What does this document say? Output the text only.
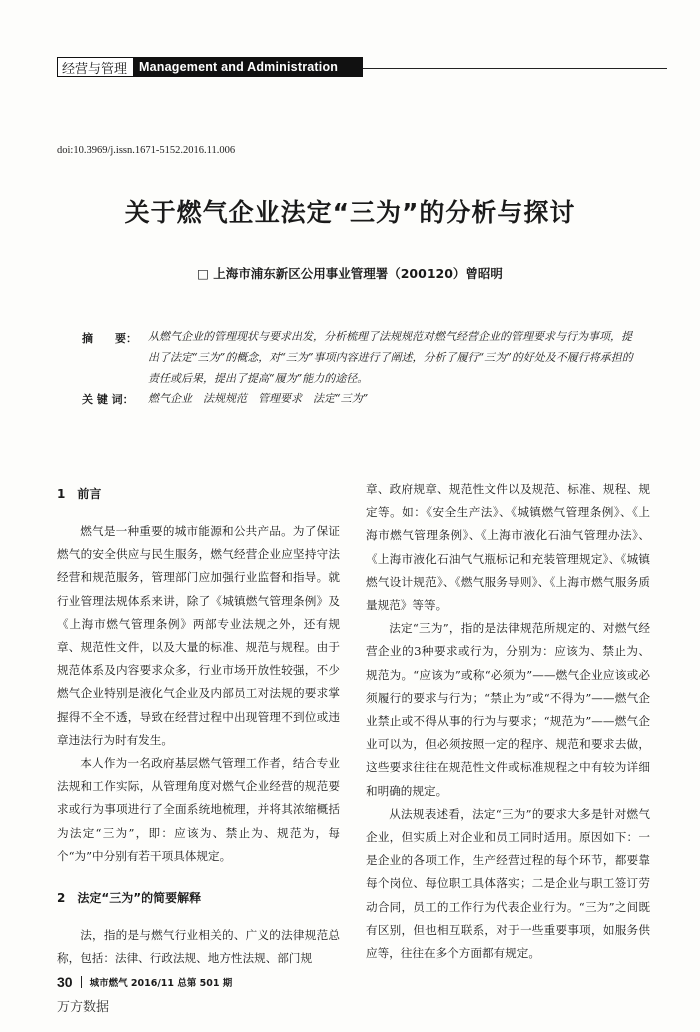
经营与管理 Management and Administration
doi:10.3969/j.issn.1671-5152.2016.11.006
关于燃气企业法定“三为”的分析与探讨
□ 上海市浦东新区公用事业管理署（200120）曾昭明
摘　　要：	从燃气企业的管理现状与要求出发，分析梳理了法规规范对燃气经营企业的管理要求与行为事项，提出了法定“三为”的概念，对“三为”事项内容进行了阐述，分析了履行“三为”的好处及不履行将承担的责任或后果，提出了提高“履为”能力的途径。
关 键 词：	燃气企业　法规规范　管理要求　法定“三为”
1　前言

燃气是一种重要的城市能源和公共产品。为了保证燃气的安全供应与民生服务，燃气经营企业应坚持守法经营和规范服务，管理部门应加强行业监督和指导。就行业管理法规体系来讲，除了《城镇燃气管理条例》及《上海市燃气管理条例》两部专业法规之外，还有规章、规范性文件，以及大量的标准、规范与规程。由于规范体系及内容要求众多，行业市场开放性较强，不少燃气企业特别是液化气企业及内部员工对法规的要求掌握得不全不透，导致在经营过程中出现管理不到位或违章违法行为时有发生。

本人作为一名政府基层燃气管理工作者，结合专业法规和工作实际，从管理角度对燃气企业经营的规范要求或行为事项进行了全面系统地梳理，并将其浓缩概括为法定“三为”，即：应该为、禁止为、规范为，每个“为”中分别有若干项具体规定。

2　法定“三为”的简要解释

法，指的是与燃气行业相关的、广义的法律规范总称，包括：法律、行政法规、地方性法规、部门规

章、政府规章、规范性文件以及规范、标准、规程、规定等。如：《安全生产法》、《城镇燃气管理条例》、《上海市燃气管理条例》、《上海市液化石油气管理办法》、《上海市液化石油气气瓶标记和充装管理规定》、《城镇燃气设计规范》、《燃气服务导则》、《上海市燃气服务质量规范》等等。

法定“三为”，指的是法律规范所规定的、对燃气经营企业的3种要求或行为，分别为：应该为、禁止为、规范为。“应该为”或称“必须为”——燃气企业应该或必须履行的要求与行为；“禁止为”或“不得为”——燃气企业禁止或不得从事的行为与要求；“规范为”——燃气企业可以为，但必须按照一定的程序、规范和要求去做，这些要求往往在规范性文件或标准规程之中有较为详细和明确的规定。

从法规表述看，法定“三为”的要求大多是针对燃气企业，但实质上对企业和员工同时适用。原因如下：一是企业的各项工作，生产经营过程的每个环节，都要靠每个岗位、每位职工具体落实；二是企业与职工签订劳动合同，员工的工作行为代表企业行为。“三为”之间既有区别，但也相互联系，对于一些重要事项，如服务供应等，往往在多个方面都有规定。

30 城市燃气 2016/11 总第 501 期
万方数据
